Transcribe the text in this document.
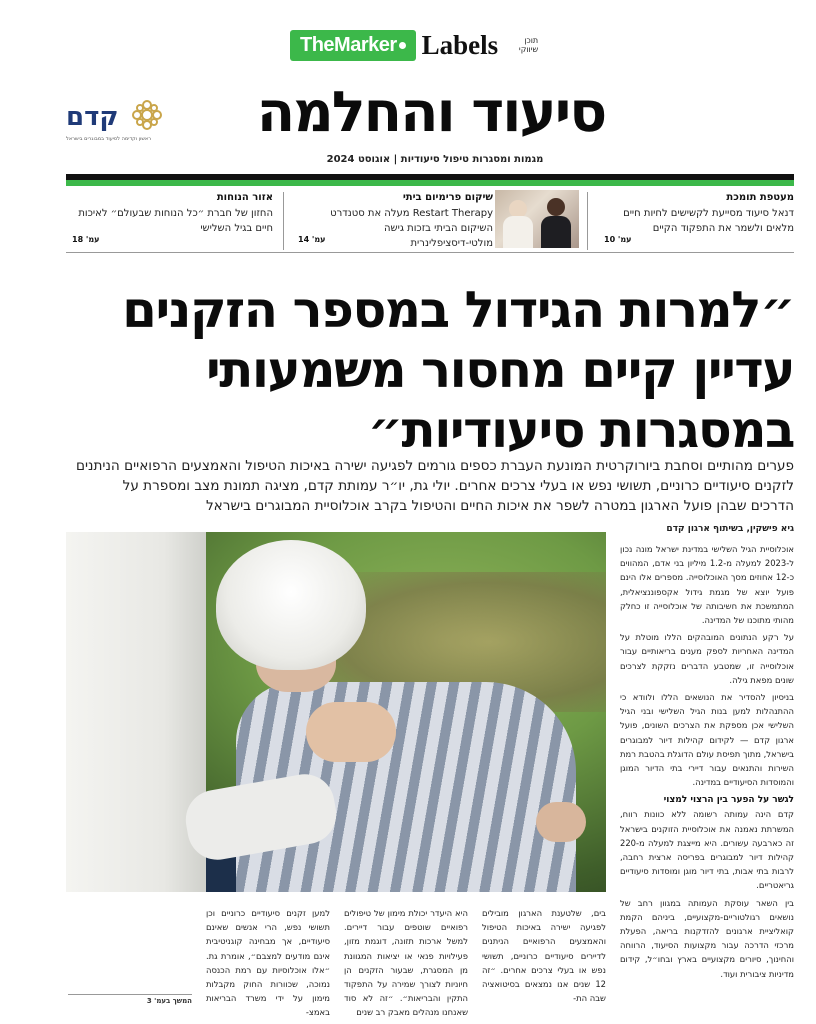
TheMarker Labels	תוכן שיווקי
סיעוד והחלמה
מגמות ומסגרות טיפול סיעודיות | אוגוסט 2024
קדם
ראשון וקדימה לסיעוד במבוגרים בישראל
מעטפת תומכת
דנאל סיעוד מסייעת לקשישים לחיות חיים מלאים ולשמר את התפקוד הקיים
עמ' 10
שיקום פרימיום ביתי
Restart Therapy מעלה את סטנדרט השיקום הביתי בזכות גישה מולטי-דיסציפלינרית
עמ' 14
אזור הנוחות
החזון של חברת ״כל הנוחות שבעולם״ לאיכות חיים בגיל השלישי
עמ' 18
״למרות הגידול במספר הזקנים עדיין קיים מחסור משמעותי במסגרות סיעודיות״
פערים מהותיים וסחבת ביורוקרטית המונעת העברת כספים גורמים לפגיעה ישירה באיכות הטיפול והאמצעים הרפואיים הניתנים לזקנים סיעודיים כרוניים, תשושי נפש או בעלי צרכים אחרים. יולי גת, יו״ר עמותת קדם, מציגה תמונת מצב ומספרת על הדרכים שבהן פועל הארגון במטרה לשפר את איכות החיים והטיפול בקרב אוכלוסיית המבוגרים בישראל
גיא פישקין, בשיתוף ארגון קדם

אוכלוסיית הגיל השלישי במדינת ישראל מונה נכון ל-2023 למעלה מ-1.2 מיליון בני אדם, המהווים כ-12 אחוזים מסך האוכלוסייה. מספרים אלו הינם פועל יוצא של מגמת גידול אקספוננציאלית, המתמשכת את חשיבותה של אוכלוסייה זו כחלק מהותי מתוכנו של המדינה.

על רקע הנתונים המובהקים הללו מוטלת על המדינה האחריות לספק מענים בריאותיים עבור אוכלוסייה זו, שמטבע הדברים נזקקת לצרכים שונים מפאת גילה.

בניסיון להסדיר את הנושאים הללו ולוודא כי ההתנהלות למען בנות הגיל השלישי ובני הגיל השלישי אכן מספקת את הצרכים השונים, פועל ארגון קדם — לקידום קהילות דיור למבוגרים בישראל, מתוך תפיסת עולם הדוגלת בהטבת רמת השירות והתנאים עבור דיירי בתי הדיור המוגן והמוסדות הסיעודיים במדינה.

לגשר על הפער בין הרצוי למצוי

קדם הינה עמותה רשומה ללא כוונות רווח, המשרתת נאמנה את אוכלוסיית הזוקנים בישראל זה כארבעה עשורים. היא מייצגת למעלה מ-220 קהילות דיור למבוגרים בפריסה ארצית רחבה, לרבות בתי אבות, בתי דיור מוגן ומוסדות סיעודיים גריאטריים.

בין השאר עוסקת העמותה במגוון רחב של נושאים רגולטוריים-מקצועיים, ביניהם הקמת קואליציית ארגונים להזדקנות בריאה, הפעלת מרכזי הדרכה עבור מקצועות הסיעוד, הרווחה והחינוך, סיורים מקצועיים בארץ ובחו״ל, קידום מדיניות ציבורית ועוד.

בים, שלטענת הארגון מובילים לפגיעה ישירה באיכות הטיפול והאמצעים הרפואיים הניתנים לדיירים סיעודיים כרוניים, תשושי נפש או בעלי צרכים אחרים. ״זה 12 שנים אנו נמצאים בסיטואציה שבה הת-

היא היעדר יכולת מימון של טיפולים רפואיים שוטפים עבור דיירים. למשל ארכות תזונה, דוגמת מזון, פעילויות פנאי או יציאות המגוונת מן המסגרת, שבעור הזקנים הן חיוניות לצורך שמירה על התפקוד התקין והבריאות״. ״זה לא סוד שאנחנו מנהלים מאבק רב שנים

למען זקנים סיעודיים כרוניים וכן תשושי נפש, הרי אנשים שאינם סיעודיים, אך מבחינה קוגניטיבית אינם מודעים למצבם״, אומרת גת. ״אלו אוכלוסיות עם רמת הכנסה נמוכה, שכוורות החוק מקבלות מימון על ידי משרד הבריאות באמצ-

המשך בעמ' 3
